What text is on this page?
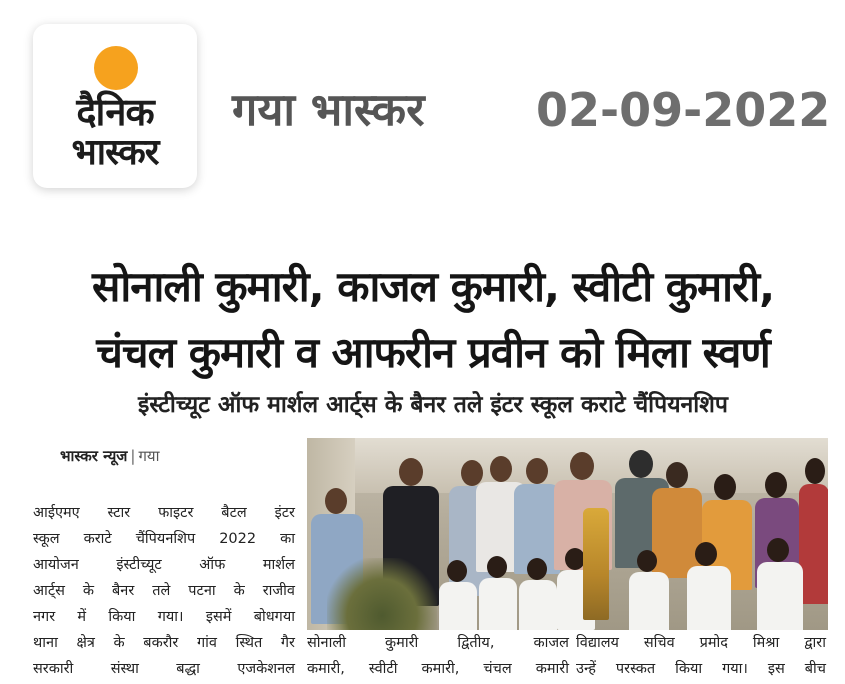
दैनिक
भास्कर
गया भास्कर 02-09-2022
सोनाली कुमारी, काजल कुमारी, स्वीटी कुमारी,
चंचल कुमारी व आफरीन प्रवीन को मिला स्वर्ण
इंस्टीच्यूट ऑफ मार्शल आर्ट्स के बैनर तले इंटर स्कूल कराटे चैंपियनशिप
भास्कर न्यूज | गया
आईएमए स्टार फाइटर बैटल इंटर
स्कूल कराटे चैंपियनशिप 2022 का
आयोजन इंस्टीच्यूट ऑफ मार्शल
आर्ट्स के बैनर तले पटना के राजीव
नगर में किया गया। इसमें बोधगया
थाना क्षेत्र के बकरौर गांव स्थित गैर
सरकारी संस्था बद्धा एजकेशनल
सोनाली कुमारी द्वितीय, काजल
कमारी, स्वीटी कमारी, चंचल कमारी
विद्यालय सचिव प्रमोद मिश्रा द्वारा
उन्हें परस्कत किया गया। इस बीच
